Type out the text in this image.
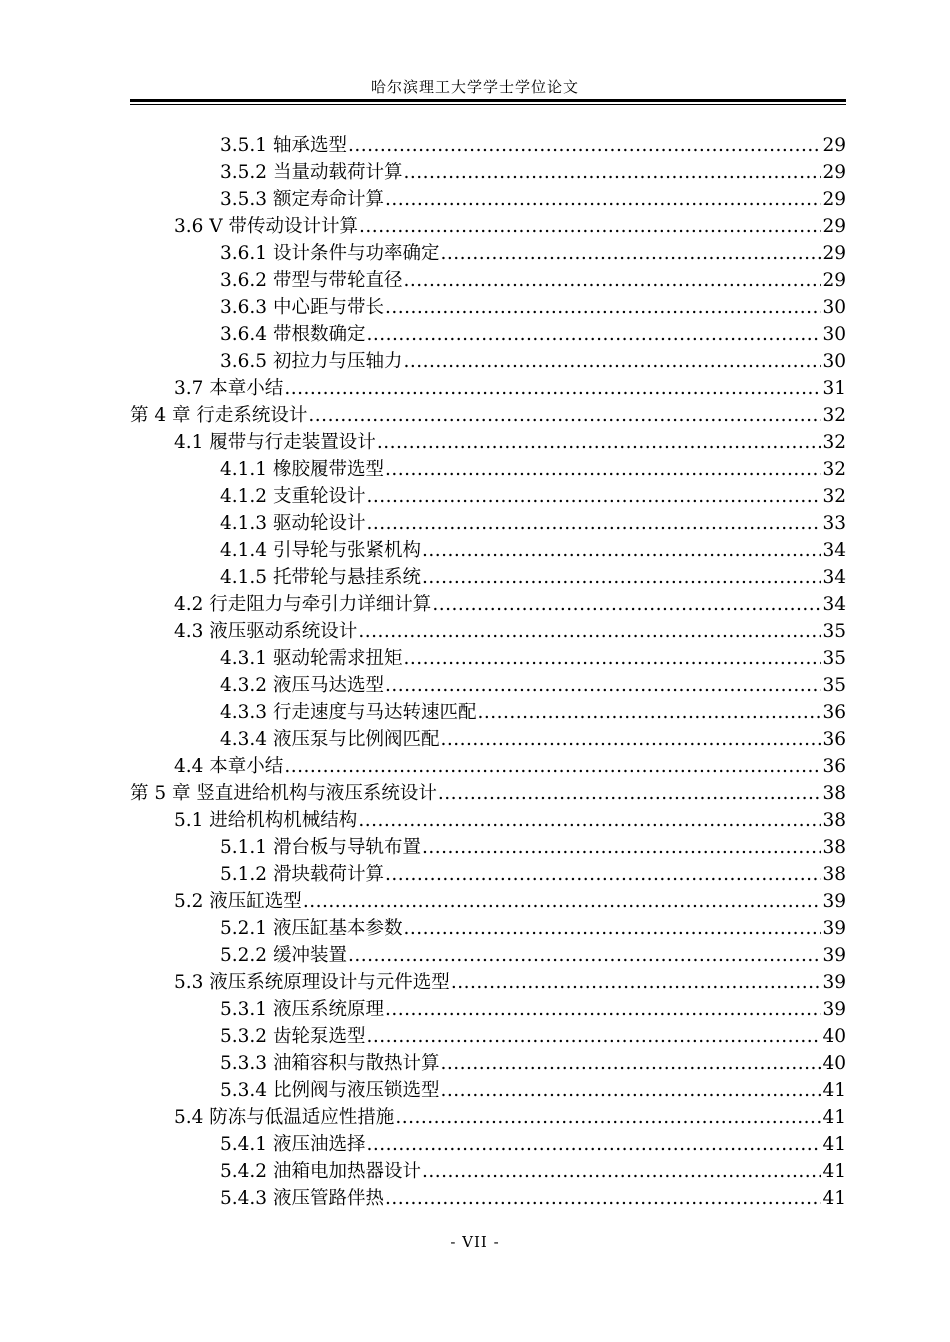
哈尔滨理工大学学士学位论文
3.5.1 轴承选型 .....	29
3.5.2 当量动载荷计算 .....	29
3.5.3 额定寿命计算 .....	29
3.6 V 带传动设计计算 .....	29
3.6.1 设计条件与功率确定 .....	29
3.6.2 带型与带轮直径 .....	29
3.6.3 中心距与带长 .....	30
3.6.4 带根数确定 .....	30
3.6.5 初拉力与压轴力 .....	30
3.7 本章小结 .....	31
第 4 章 行走系统设计 .....	32
4.1 履带与行走装置设计 .....	32
4.1.1 橡胶履带选型 .....	32
4.1.2 支重轮设计 .....	32
4.1.3 驱动轮设计 .....	33
4.1.4 引导轮与张紧机构 .....	34
4.1.5 托带轮与悬挂系统 .....	34
4.2 行走阻力与牵引力详细计算 .....	34
4.3 液压驱动系统设计 .....	35
4.3.1 驱动轮需求扭矩 .....	35
4.3.2 液压马达选型 .....	35
4.3.3 行走速度与马达转速匹配 .....	36
4.3.4 液压泵与比例阀匹配 .....	36
4.4 本章小结 .....	36
第 5 章 竖直进给机构与液压系统设计 .....	38
5.1 进给机构机械结构 .....	38
5.1.1 滑台板与导轨布置 .....	38
5.1.2 滑块载荷计算 .....	38
5.2 液压缸选型 .....	39
5.2.1 液压缸基本参数 .....	39
5.2.2 缓冲装置 .....	39
5.3 液压系统原理设计与元件选型 .....	39
5.3.1 液压系统原理 .....	39
5.3.2 齿轮泵选型 .....	40
5.3.3 油箱容积与散热计算 .....	40
5.3.4 比例阀与液压锁选型 .....	41
5.4 防冻与低温适应性措施 .....	41
5.4.1 液压油选择 .....	41
5.4.2 油箱电加热器设计 .....	41
5.4.3 液压管路伴热 .....	41
- VII -
